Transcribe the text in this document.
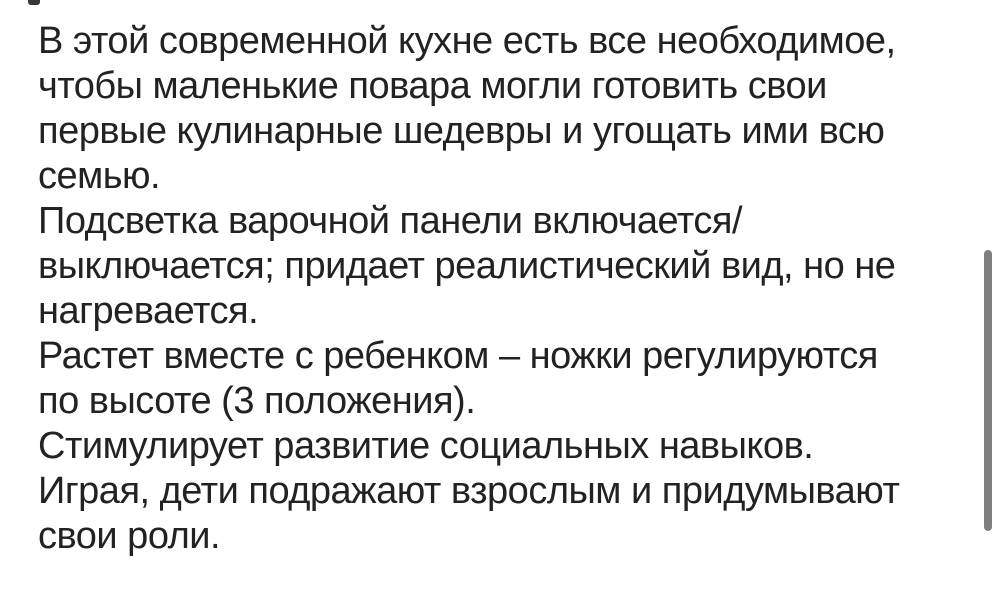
В этой современной кухне есть все необходимое,
чтобы маленькие повара могли готовить свои
первые кулинарные шедевры и угощать ими всю
семью.
Подсветка варочной панели включается/
выключается; придает реалистический вид, но не
нагревается.
Растет вместе с ребенком – ножки регулируются
по высоте (3 положения).
Стимулирует развитие социальных навыков.
Играя, дети подражают взрослым и придумывают
свои роли.
